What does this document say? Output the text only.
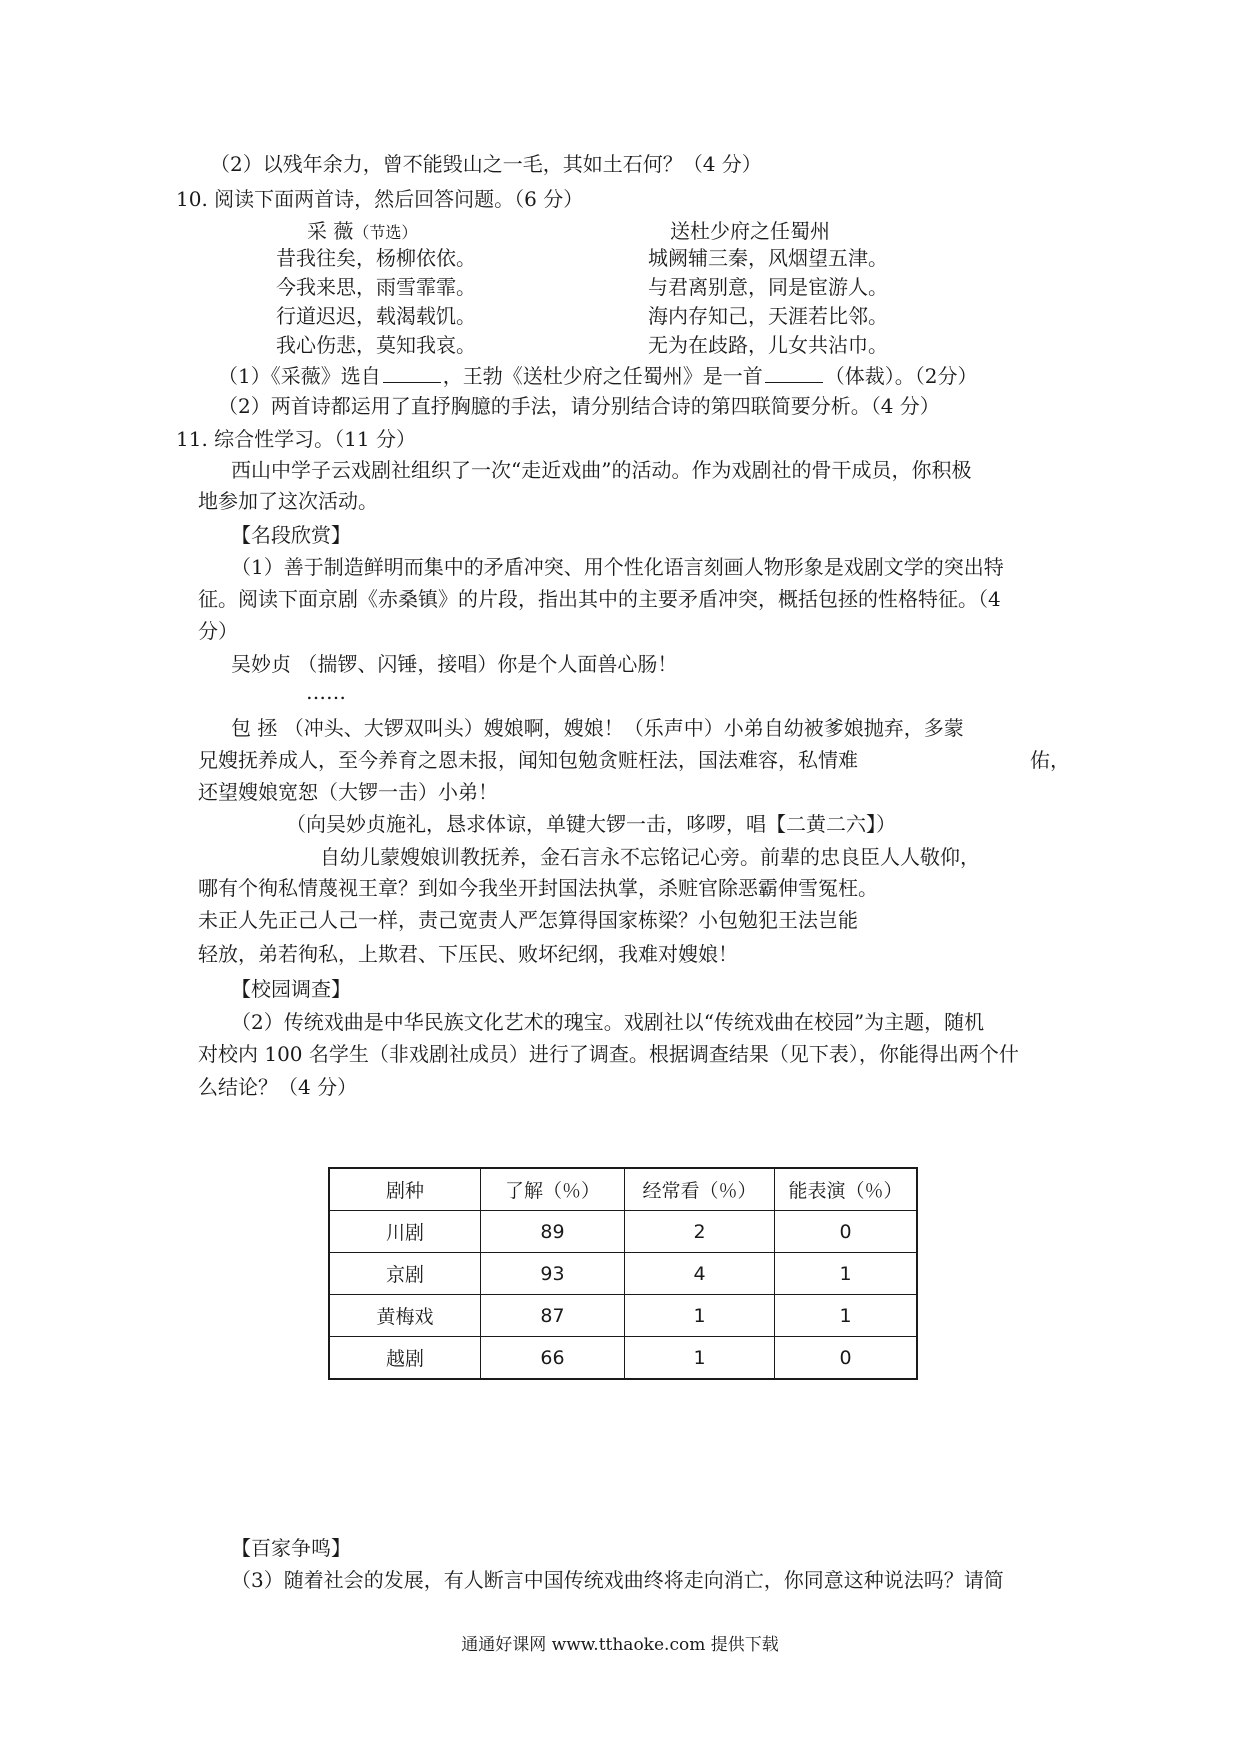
（2）以残年余力，曾不能毁山之一毛，其如土石何？（4 分）
10. 阅读下面两首诗，然后回答问题。（6 分）
采 薇（节选）	送杜少府之任蜀州
昔我往矣，杨柳依依。
今我来思，雨雪霏霏。
行道迟迟，载渴载饥。
我心伤悲，莫知我哀。
城阙辅三秦，风烟望五津。
与君离别意，同是宦游人。
海内存知己，天涯若比邻。
无为在歧路，儿女共沾巾。
（1）《采薇》选自	，王勃《送杜少府之任蜀州》是一首	（体裁）。（2分）
（2）两首诗都运用了直抒胸臆的手法，请分别结合诗的第四联简要分析。（4 分）
11. 综合性学习。（11 分）
西山中学子云戏剧社组织了一次“走近戏曲”的活动。作为戏剧社的骨干成员，你积极
地参加了这次活动。
【名段欣赏】
（1）善于制造鲜明而集中的矛盾冲突、用个性化语言刻画人物形象是戏剧文学的突出特
征。阅读下面京剧《赤桑镇》的片段，指出其中的主要矛盾冲突，概括包拯的性格特征。（4
分）
吴妙贞 （揣锣、闪锤，接唱）你是个人面兽心肠！
……
包 拯 （冲头、大锣双叫头）嫂娘啊，嫂娘！（乐声中）小弟自幼被爹娘抛弃，多蒙
兄嫂抚养成人，至今养育之恩未报，闻知包勉贪赃枉法，国法难容，私情难	佑，
还望嫂娘宽恕（大锣一击）小弟！
（向吴妙贞施礼，恳求体谅，单键大锣一击，哆啰，唱【二黄二六】）
自幼儿蒙嫂娘训教抚养，金石言永不忘铭记心旁。前辈的忠良臣人人敬仰，
哪有个徇私情蔑视王章？到如今我坐开封国法执掌，杀赃官除恶霸伸雪冤枉。
未正人先正己人己一样，责己宽责人严怎算得国家栋梁？小包勉犯王法岂能
轻放，弟若徇私，上欺君、下压民、败坏纪纲，我难对嫂娘！
【校园调查】
（2）传统戏曲是中华民族文化艺术的瑰宝。戏剧社以“传统戏曲在校园”为主题，随机
对校内 100 名学生（非戏剧社成员）进行了调查。根据调查结果（见下表），你能得出两个什
么结论？（4 分）
剧种	了解（％）	经常看（％）	能表演（％）
川剧	89	2	0
京剧	93	4	1
黄梅戏	87	1	1
越剧	66	1	0
【百家争鸣】
（3）随着社会的发展，有人断言中国传统戏曲终将走向消亡，你同意这种说法吗？请简
通通好课网 www.tthaoke.com 提供下载
